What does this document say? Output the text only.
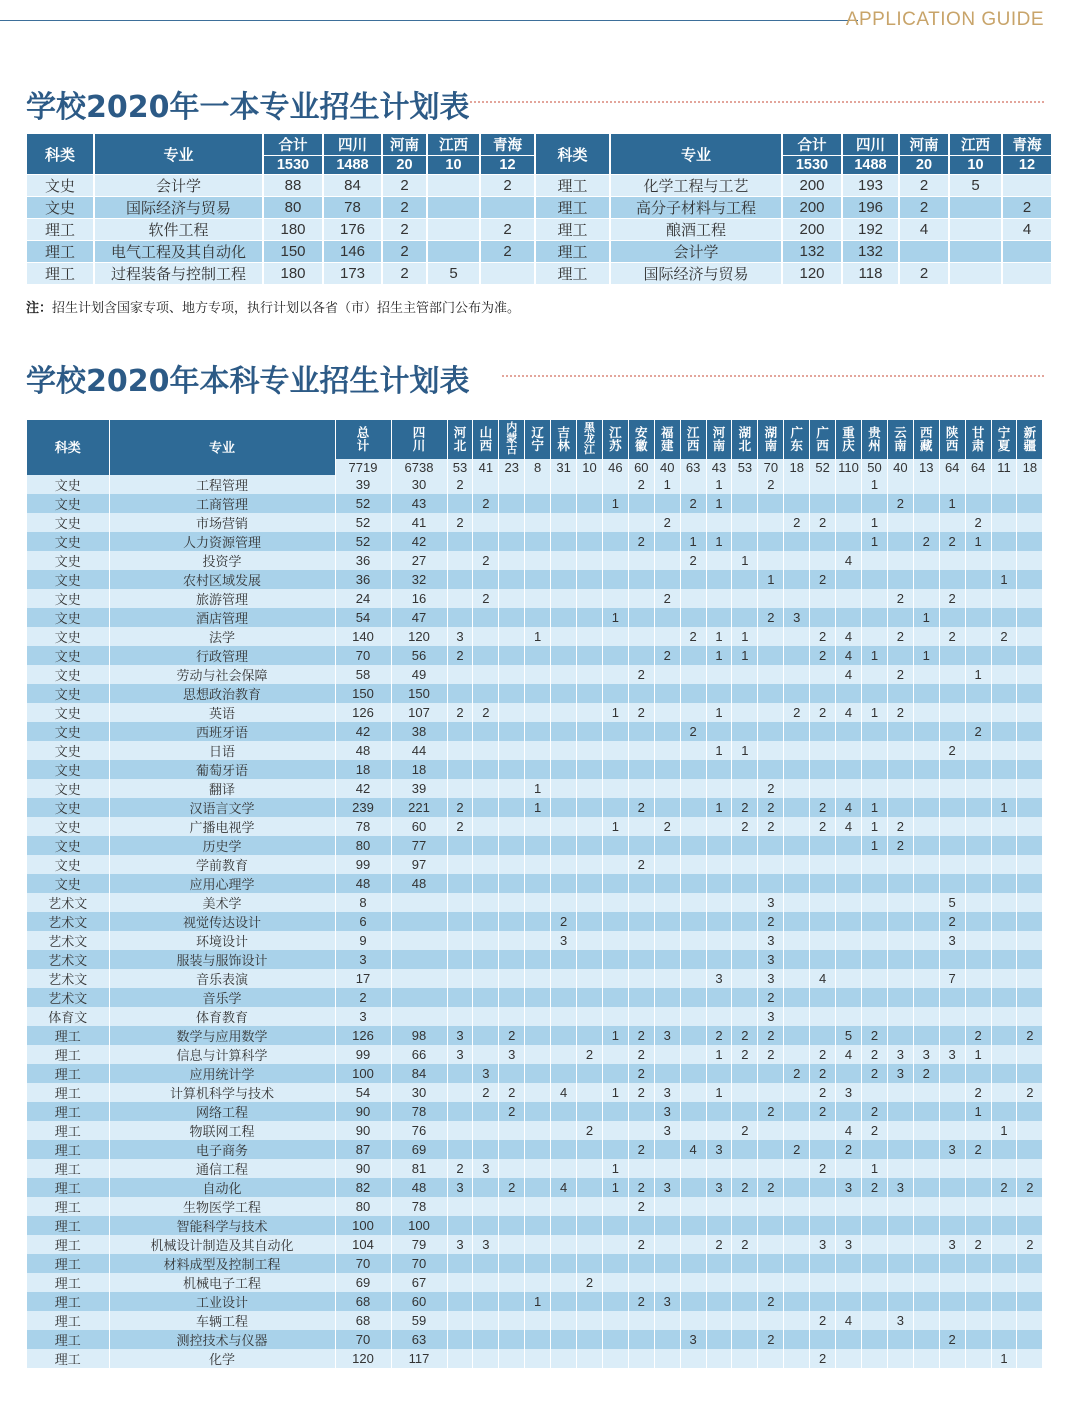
APPLICATION GUIDE
学校2020年一本专业招生计划表
科类	专业	合计	四川	河南	江西	青海	科类	专业	合计	四川	河南	江西	青海
		1530	1488	20	10	12			1530	1488	20	10	12
文史	会计学	88	84	2		2	理工	化学工程与工艺	200	193	2	5	
文史	国际经济与贸易	80	78	2			理工	高分子材料与工程	200	196	2		2
理工	软件工程	180	176	2		2	理工	酿酒工程	200	192	4		4
理工	电气工程及其自动化	150	146	2		2	理工	会计学	132	132			
理工	过程装备与控制工程	180	173	2	5		理工	国际经济与贸易	120	118	2		
注：招生计划含国家专项、地方专项，执行计划以各省（市）招生主管部门公布为准。
学校2020年本科专业招生计划表
科类	专业	总计	四川	河北	山西	内蒙古	辽宁	吉林	黑龙江	江苏	安徽	福建	江西	河南	湖北	湖南	广东	广西	重庆	贵州	云南	西藏	陕西	甘肃	宁夏	新疆

		7719	6738	53	41	23	8	31	10	46	60	40	63	43	53	70	18	52	110	50	40	13	64	64	11	18
文史	工程管理	39	30	2							2	1		1		2				1						
文史	工商管理	52	43		2					1			2	1							2		1			
文史	市场营销	52	41	2								2					2	2		1				2		
文史	人力资源管理	52	42								2		1	1						1		2	2	1		
文史	投资学	36	27		2								2		1				4							
文史	农村区域发展	36	32													1		2							1	
文史	旅游管理	24	16		2							2									2		2			
文史	酒店管理	54	47							1						2	3					1				
文史	法学	140	120	3			1						2	1	1			2	4		2		2		2	
文史	行政管理	70	56	2								2		1	1			2	4	1		1				
文史	劳动与社会保障	58	49								2								4		2			1		
文史	思想政治教育	150	150																							
文史	英语	126	107	2	2					1	2			1			2	2	4	1	2					
文史	西班牙语	42	38										2											2		
文史	日语	48	44											1	1								2			
文史	葡萄牙语	18	18																							
文史	翻译	42	39				1									2										
文史	汉语言文学	239	221	2			1				2			1	2	2		2	4	1					1	
文史	广播电视学	78	60	2						1		2			2	2		2	4	1	2					
文史	历史学	80	77																	1	2					
文史	学前教育	99	97								2															
文史	应用心理学	48	48																							
艺术文	美术学	8														3							5			
艺术文	视觉传达设计	6						2								2							2			
艺术文	环境设计	9						3								3							3			
艺术文	服装与服饰设计	3														3										
艺术文	音乐表演	17												3		3		4					7			
艺术文	音乐学	2														2										
体育文	体育教育	3														3										
理工	数学与应用数学	126	98	3		2				1	2	3		2	2	2			5	2				2		2
理工	信息与计算科学	99	66	3		3			2		2			1	2	2		2	4	2	3	3	3	1		
理工	应用统计学	100	84		3						2						2	2		2	3	2				
理工	计算机科学与技术	54	30		2	2		4		1	2	3		1				2	3					2		2
理工	网络工程	90	78			2						3				2		2		2				1		
理工	物联网工程	90	76						2			3			2				4	2					1	
理工	电子商务	87	69								2		4	3			2		2				3	2		
理工	通信工程	90	81	2	3					1								2		1						
理工	自动化	82	48	3		2		4		1	2	3		3	2	2			3	2	3				2	2
理工	生物医学工程	80	78								2															
理工	智能科学与技术	100	100																							
理工	机械设计制造及其自动化	104	79	3	3						2			2	2			3	3				3	2		2
理工	材料成型及控制工程	70	70																							
理工	机械电子工程	69	67						2																	
理工	工业设计	68	60				1				2	3				2										
理工	车辆工程	68	59															2	4		3					
理工	测控技术与仪器	70	63										3			2							2			
理工	化学	120	117															2							1	
